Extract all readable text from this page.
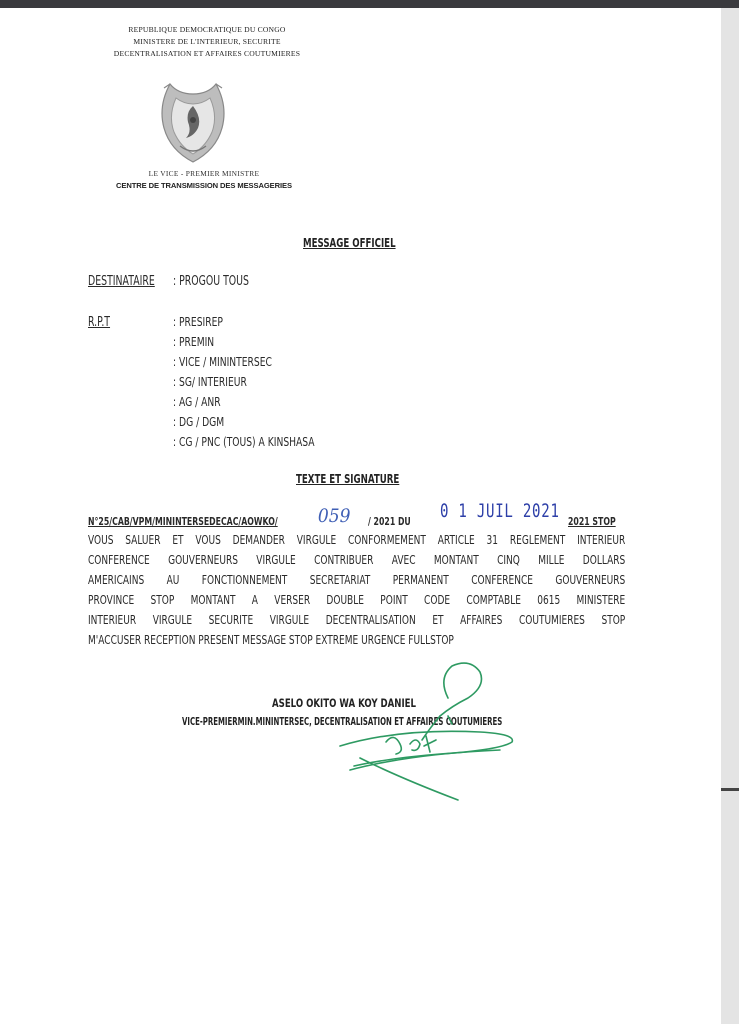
REPUBLIQUE DEMOCRATIQUE DU CONGO
MINISTERE DE L'INTERIEUR, SECURITE
DECENTRALISATION ET AFFAIRES COUTUMIERES
LE VICE - PREMIER MINISTRE
CENTRE DE TRANSMISSION DES MESSAGERIES
MESSAGE OFFICIEL
DESTINATAIRE : PROGOU TOUS
R.P.T	: PRESIREP
: PREMIN
: VICE / MININTERSEC
: SG/ INTERIEUR
: AG / ANR
: DG / DGM
: CG / PNC (TOUS) A KINSHASA
TEXTE ET SIGNATURE
N°25/CAB/VPM/MININTERSEDECAC/AOWKO/	/ 2021 DU	2021 STOP
059	0 1 JUIL 2021
VOUS SALUER ET VOUS DEMANDER VIRGULE CONFORMEMENT ARTICLE 31 REGLEMENT INTERIEUR
CONFERENCE GOUVERNEURS VIRGULE CONTRIBUER AVEC MONTANT CINQ MILLE DOLLARS
AMERICAINS AU FONCTIONNEMENT SECRETARIAT PERMANENT CONFERENCE GOUVERNEURS
PROVINCE STOP MONTANT A VERSER DOUBLE POINT CODE COMPTABLE 0615 MINISTERE
INTERIEUR VIRGULE SECURITE VIRGULE DECENTRALISATION ET AFFAIRES COUTUMIERES STOP
M'ACCUSER RECEPTION PRESENT MESSAGE STOP EXTREME URGENCE FULLSTOP
ASELO OKITO WA KOY DANIEL
VICE-PREMIERMIN.MININTERSEC, DECENTRALISATION ET AFFAIRES COUTUMIERES
